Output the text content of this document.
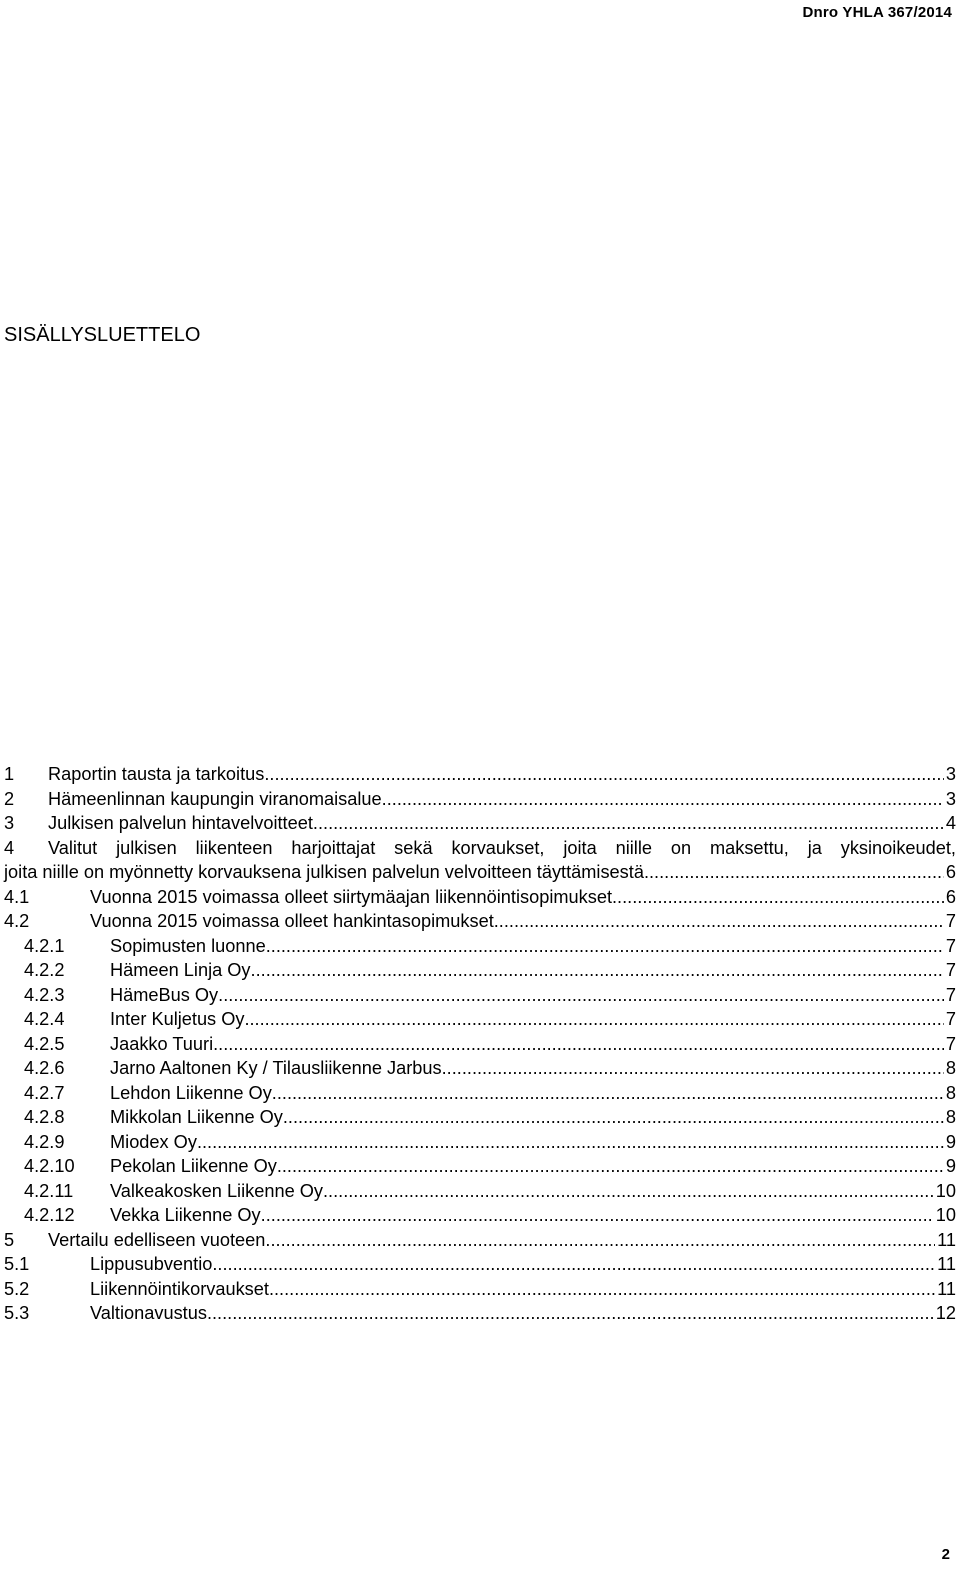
Dnro YHLA 367/2014
SISÄLLYSLUETTELO
1	Raportin tausta ja tarkoitus .....	3
2	Hämeenlinnan kaupungin viranomaisalue .....	3
3	Julkisen palvelun hintavelvoitteet .....	4
4	Valitut julkisen liikenteen harjoittajat sekä korvaukset, joita niille on maksettu, ja yksinoikeudet,
joita niille on myönnetty korvauksena julkisen palvelun velvoitteen täyttämisestä .....	6
4.1	Vuonna 2015 voimassa olleet siirtymäajan liikennöintisopimukset .....	6
4.2	Vuonna 2015 voimassa olleet hankintasopimukset .....	7
4.2.1	Sopimusten luonne .....	7
4.2.2	Hämeen Linja Oy .....	7
4.2.3	HämeBus Oy .....	7
4.2.4	Inter Kuljetus Oy .....	7
4.2.5	Jaakko Tuuri .....	7
4.2.6	Jarno Aaltonen Ky / Tilausliikenne Jarbus .....	8
4.2.7	Lehdon Liikenne Oy .....	8
4.2.8	Mikkolan Liikenne Oy .....	8
4.2.9	Miodex Oy .....	9
4.2.10	Pekolan Liikenne Oy .....	9
4.2.11	Valkeakosken Liikenne Oy .....	10
4.2.12	Vekka Liikenne Oy .....	10
5	Vertailu edelliseen vuoteen .....	11
5.1	Lippusubventio .....	11
5.2	Liikennöintikorvaukset .....	11
5.3	Valtionavustus .....	12
2
